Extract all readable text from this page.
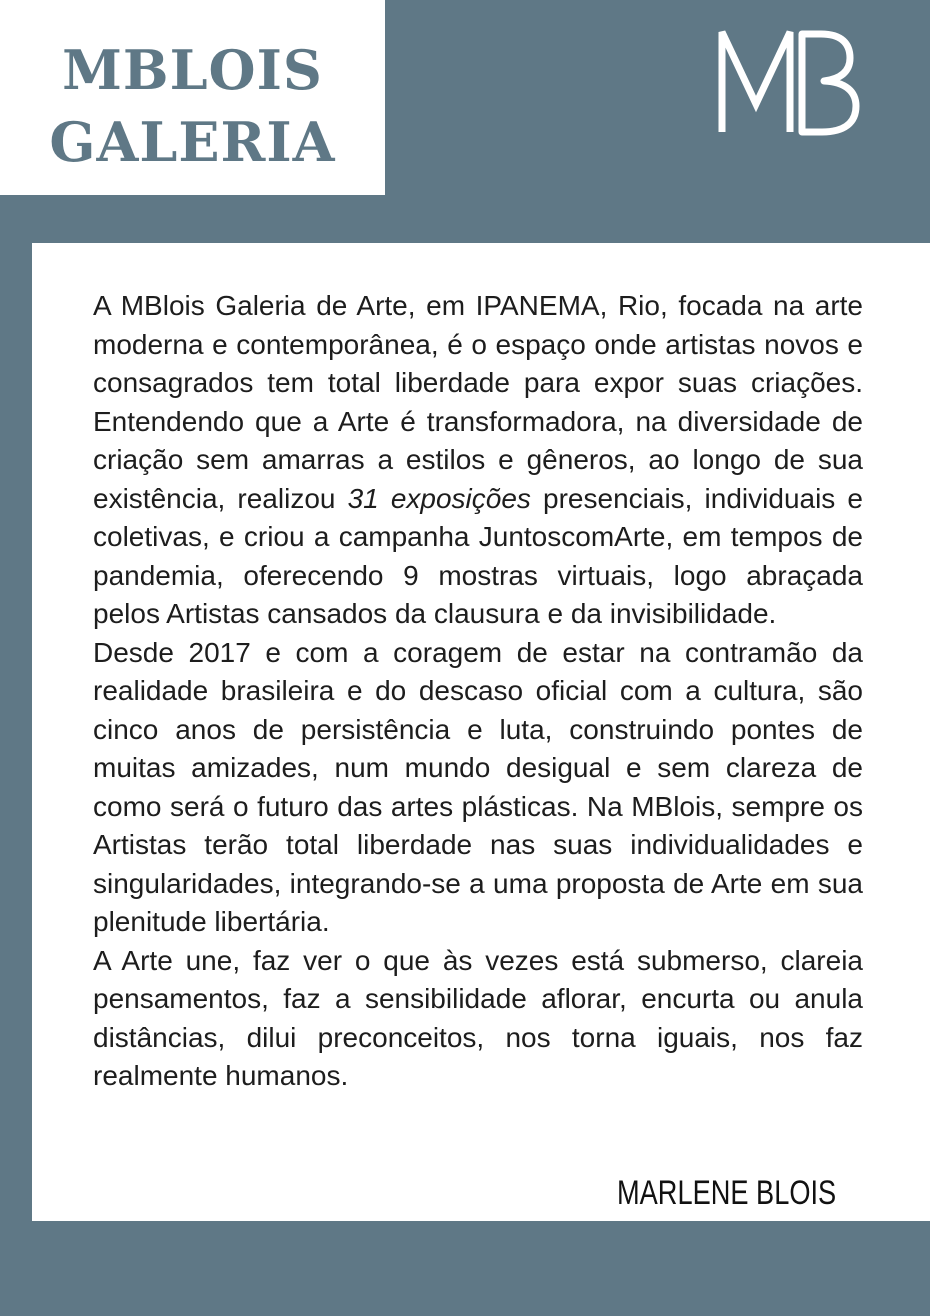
MBLOIS
GALERIA

A MBlois Galeria de Arte, em IPANEMA, Rio, focada na arte moderna e contemporânea, é o espaço onde artistas novos e consagrados tem total liberdade para expor suas criações. Entendendo que a Arte é transformadora, na diversidade de criação sem amarras a estilos e gêneros, ao longo de sua existência, realizou 31 exposições presenciais, individuais e coletivas, e criou a campanha JuntoscomArte, em tempos de pandemia, oferecendo 9 mostras virtuais, logo abraçada pelos Artistas cansados da clausura e da invisibilidade.

Desde 2017 e com a coragem de estar na contramão da realidade brasileira e do descaso oficial com a cultura, são cinco anos de persistência e luta, construindo pontes de muitas amizades, num mundo desigual e sem clareza de como será o futuro das artes plásticas. Na MBlois, sempre os Artistas terão total liberdade nas suas individualidades e singularidades, integrando-se a uma proposta de Arte em sua plenitude libertária.

A Arte une, faz ver o que às vezes está submerso, clareia pensamentos, faz a sensibilidade aflorar, encurta ou anula distâncias, dilui preconceitos, nos torna iguais, nos faz realmente humanos.

MARLENE BLOIS
